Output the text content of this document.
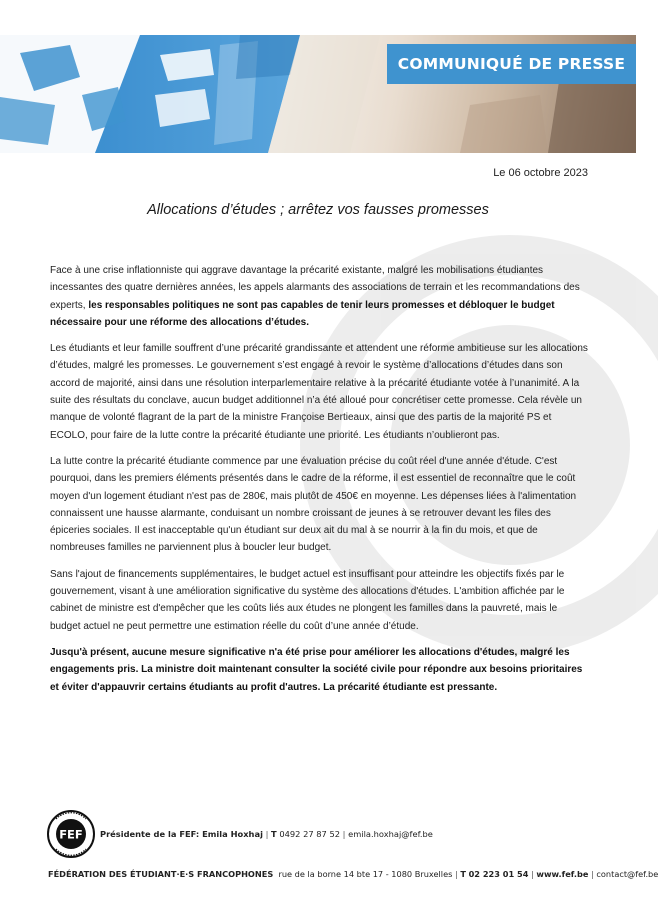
COMMUNIQUÉ DE PRESSE
Le 06 octobre 2023
Allocations d’études ; arrêtez vos fausses promesses

Face à une crise inflationniste qui aggrave davantage la précarité existante, malgré les mobilisations étudiantes incessantes des quatre dernières années, les appels alarmants des associations de terrain et les recommandations des experts, les responsables politiques ne sont pas capables de tenir leurs promesses et débloquer le budget nécessaire pour une réforme des allocations d’études.

Les étudiants et leur famille souffrent d’une précarité grandissante et attendent une réforme ambitieuse sur les allocations d’études, malgré les promesses. Le gouvernement s’est engagé à revoir le système d’allocations d’études dans son accord de majorité, ainsi dans une résolution interparlementaire relative à la précarité étudiante votée à l’unanimité. A la suite des résultats du conclave, aucun budget additionnel n’a été alloué pour concrétiser cette promesse. Cela révèle un manque de volonté flagrant de la part de la ministre Françoise Bertieaux, ainsi que des partis de la majorité PS et ECOLO, pour faire de la lutte contre la précarité étudiante une priorité. Les étudiants n’oublieront pas.

La lutte contre la précarité étudiante commence par une évaluation précise du coût réel d'une année d'étude. C'est pourquoi, dans les premiers éléments présentés dans le cadre de la réforme, il est essentiel de reconnaître que le coût moyen d'un logement étudiant n'est pas de 280€, mais plutôt de 450€ en moyenne. Les dépenses liées à l'alimentation connaissent une hausse alarmante, conduisant un nombre croissant de jeunes à se retrouver devant les files des épiceries sociales. Il est inacceptable qu'un étudiant sur deux ait du mal à se nourrir à la fin du mois, et que de nombreuses familles ne parviennent plus à boucler leur budget.

Sans l'ajout de financements supplémentaires, le budget actuel est insuffisant pour atteindre les objectifs fixés par le gouvernement, visant à une amélioration significative du système des allocations d'études. L'ambition affichée par le cabinet de ministre est d'empêcher que les coûts liés aux études ne plongent les familles dans la pauvreté, mais le budget actuel ne peut permettre une estimation réelle du coût d’une année d’étude.

Jusqu'à présent, aucune mesure significative n'a été prise pour améliorer les allocations d'études, malgré les engagements pris. La ministre doit maintenant consulter la société civile pour répondre aux besoins prioritaires et éviter d'appauvrir certains étudiants au profit d'autres. La précarité étudiante est pressante.

FEF Présidente de la FEF: Emila Hoxhaj | T 0492 27 87 52 | emila.hoxhaj@fef.be
FÉDÉRATION DES ÉTUDIANT·E·S FRANCOPHONES rue de la borne 14 bte 17 - 1080 Bruxelles | T 02 223 01 54 | www.fef.be | contact@fef.be
